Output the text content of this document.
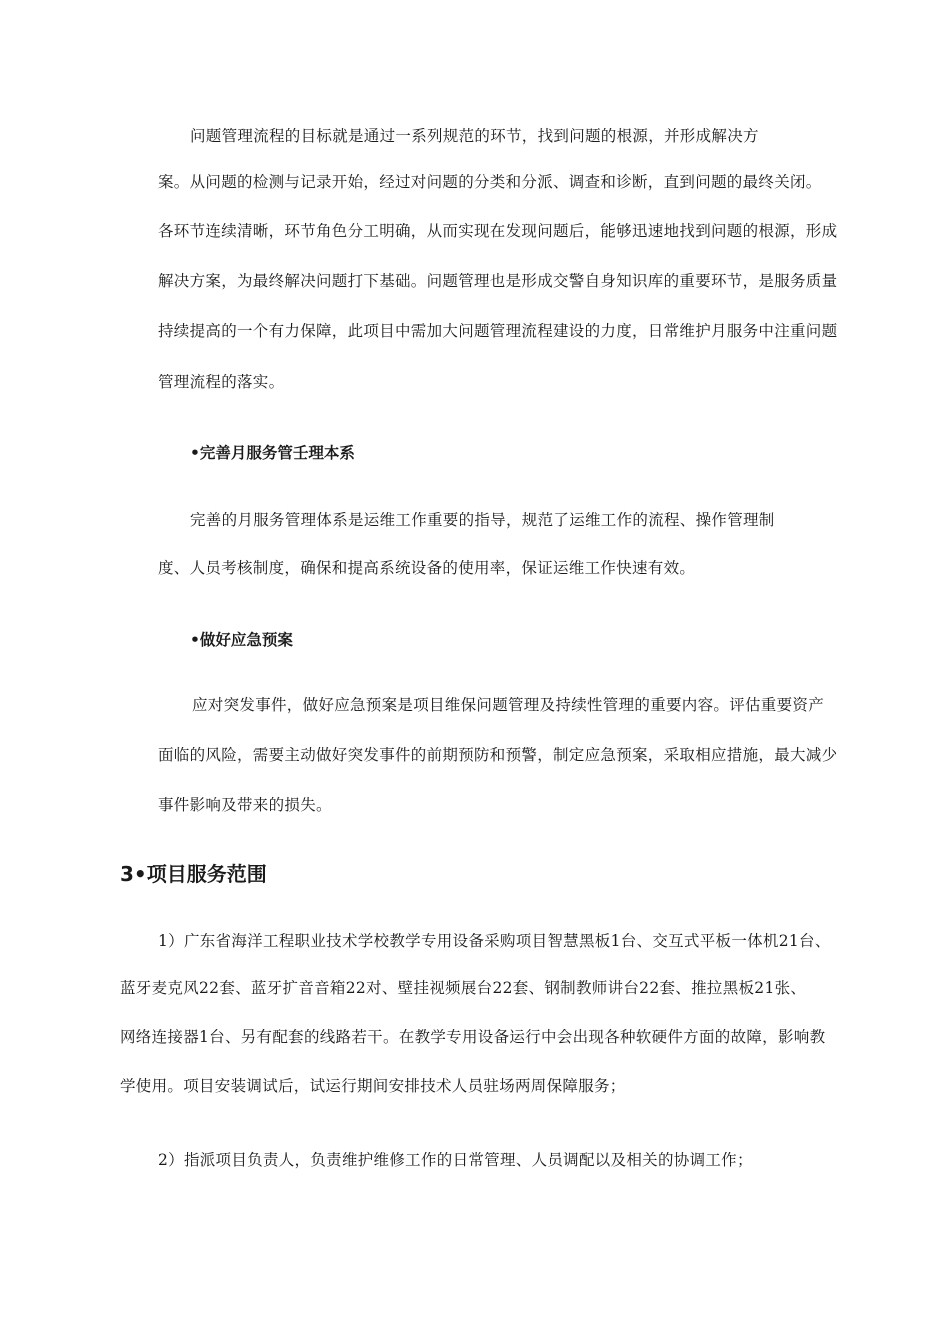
问题管理流程的目标就是通过一系列规范的环节，找到问题的根源，并形成解决方
案。从问题的检测与记录开始，经过对问题的分类和分派、调查和诊断，直到问题的最终关闭。
各环节连续清晰，环节角色分工明确，从而实现在发现问题后，能够迅速地找到问题的根源，形成
解决方案，为最终解决问题打下基础。问题管理也是形成交警自身知识库的重要环节，是服务质量
持续提高的一个有力保障，此项目中需加大问题管理流程建设的力度，日常维护月服务中注重问题
管理流程的落实。
•完善月服务管壬理本系
完善的月服务管理体系是运维工作重要的指导，规范了运维工作的流程、操作管理制
度、人员考核制度，确保和提高系统设备的使用率，保证运维工作快速有效。
•做好应急预案
应对突发事件，做好应急预案是项目维保问题管理及持续性管理的重要内容。评估重要资产
面临的风险，需要主动做好突发事件的前期预防和预警，制定应急预案，采取相应措施，最大减少
事件影响及带来的损失。
3•项目服务范围
1）广东省海洋工程职业技术学校教学专用设备采购项目智慧黑板1台、交互式平板一体机21台、
蓝牙麦克风22套、蓝牙扩音音箱22对、壁挂视频展台22套、钢制教师讲台22套、推拉黑板21张、
网络连接器1台、另有配套的线路若干。在教学专用设备运行中会出现各种软硬件方面的故障，影响教
学使用。项目安装调试后，试运行期间安排技术人员驻场两周保障服务；
2）指派项目负责人，负责维护维修工作的日常管理、人员调配以及相关的协调工作；
